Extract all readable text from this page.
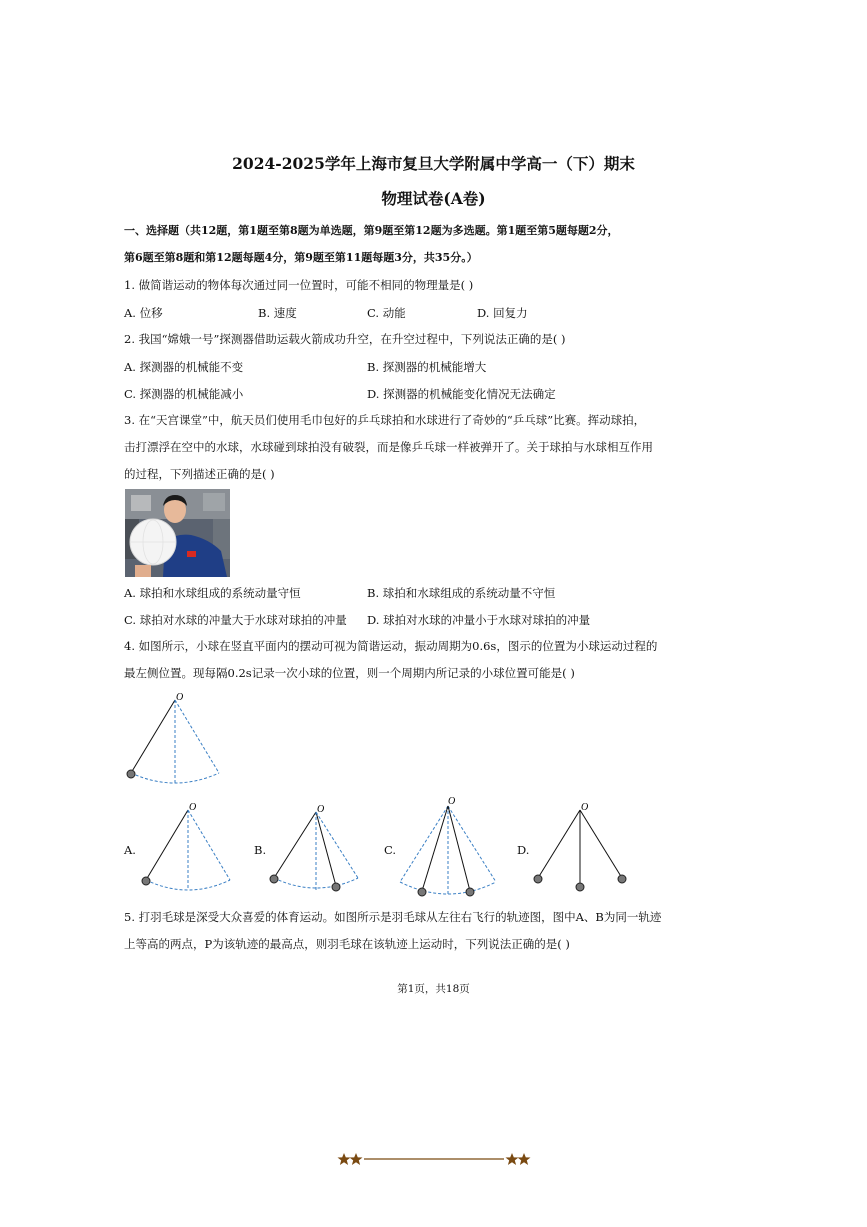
2024-2025学年上海市复旦大学附属中学高一（下）期末
物理试卷(A卷)
一、选择题（共12题，第1题至第8题为单选题，第9题至第12题为多选题。第1题至第5题每题2分，
第6题至第8题和第12题每题4分，第9题至第11题每题3分，共35分。）
1. 做简谐运动的物体每次通过同一位置时，可能不相同的物理量是( )
A. 位移	B. 速度	C. 动能	D. 回复力
2. 我国“嫦娥一号”探测器借助运载火箭成功升空，在升空过程中，下列说法正确的是( )
A. 探测器的机械能不变	B. 探测器的机械能增大
C. 探测器的机械能减小	D. 探测器的机械能变化情况无法确定
3. 在“天宫课堂”中，航天员们使用毛巾包好的乒乓球拍和水球进行了奇妙的“乒乓球”比赛。挥动球拍，
击打漂浮在空中的水球，水球碰到球拍没有破裂，而是像乒乓球一样被弹开了。关于球拍与水球相互作用
的过程，下列描述正确的是( )
A. 球拍和水球组成的系统动量守恒	B. 球拍和水球组成的系统动量不守恒
C. 球拍对水球的冲量大于水球对球拍的冲量 D. 球拍对水球的冲量小于水球对球拍的冲量
4. 如图所示，小球在竖直平面内的摆动可视为简谐运动，振动周期为0.6s，图示的位置为小球运动过程的
最左侧位置。现每隔0.2s记录一次小球的位置，则一个周期内所记录的小球位置可能是( )
O
A.
O
B.
O
C.
O
D.
O
5. 打羽毛球是深受大众喜爱的体育运动。如图所示是羽毛球从左往右飞行的轨迹图，图中A、B为同一轨迹
上等高的两点，P为该轨迹的最高点，则羽毛球在该轨迹上运动时，下列说法正确的是( )
第1页，共18页
